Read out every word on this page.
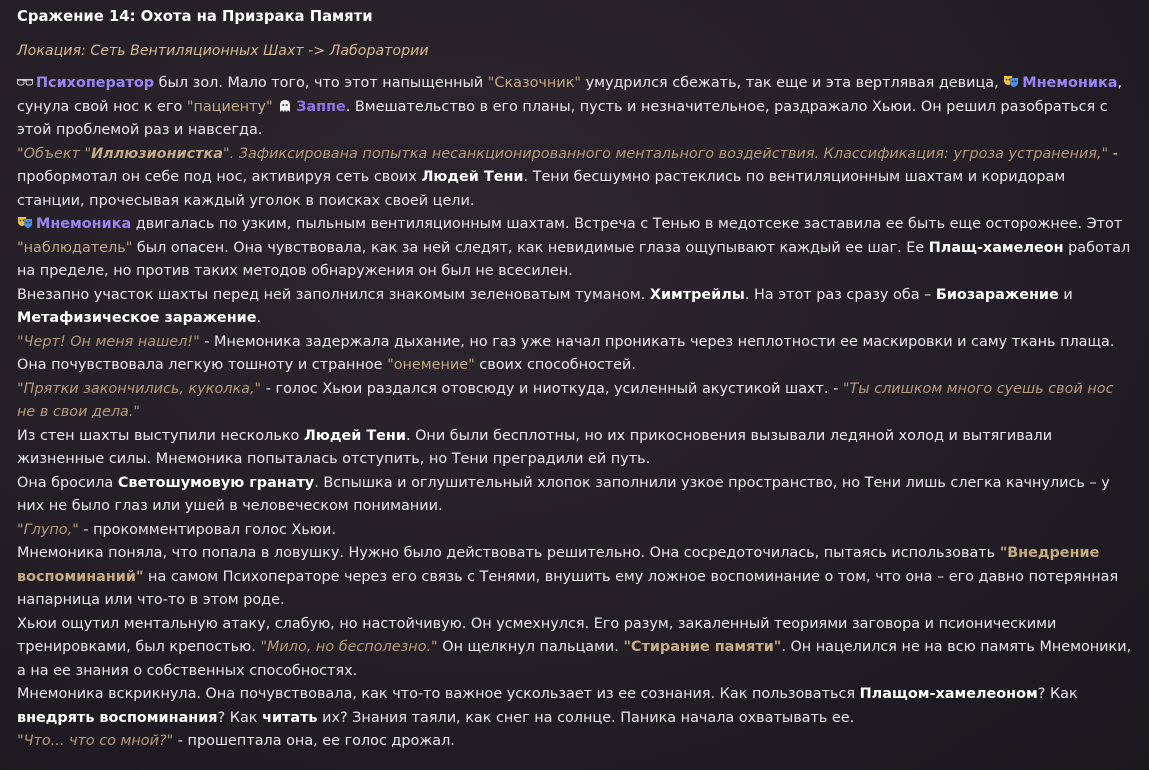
Сражение 14: Охота на Призрака Памяти

Локация: Сеть Вентиляционных Шахт -> Лаборатории

Психоператор был зол. Мало того, что этот напыщенный "Сказочник" умудрился сбежать, так еще и эта вертлявая девица,
Мнемоника, сунула свой нос к его "пациенту" Заппе. Вмешательство в его планы, пусть и незначительное, раздражало Хьюи. Он решил разобраться с этой проблемой раз и навсегда.

"Объект "Иллюзионистка". Зафиксирована попытка несанкционированного ментального воздействия. Классификация: угроза устранения," - пробормотал он себе под нос, активируя сеть своих Людей Тени. Тени бесшумно растеклись по вентиляционным шахтам и коридорам станции, прочесывая каждый уголок в поисках своей цели.

Мнемоника двигалась по узким, пыльным вентиляционным шахтам. Встреча с Тенью в медотсеке заставила ее быть еще осторожнее. Этот "наблюдатель" был опасен. Она чувствовала, как за ней следят, как невидимые глаза ощупывают каждый ее шаг. Ее Плащ-хамелеон работал на пределе, но против таких методов обнаружения он был не всесилен.

Внезапно участок шахты перед ней заполнился знакомым зеленоватым туманом. Химтрейлы. На этот раз сразу оба – Биозаражение и Метафизическое заражение.

"Черт! Он меня нашел!" - Мнемоника задержала дыхание, но газ уже начал проникать через неплотности ее маскировки и саму ткань плаща. Она почувствовала легкую тошноту и странное "онемение" своих способностей.

"Прятки закончились, куколка," - голос Хьюи раздался отовсюду и ниоткуда, усиленный акустикой шахт. - "Ты слишком много суешь свой нос не в свои дела."

Из стен шахты выступили несколько Людей Тени. Они были бесплотны, но их прикосновения вызывали ледяной холод и вытягивали жизненные силы. Мнемоника попыталась отступить, но Тени преградили ей путь.

Она бросила Светошумовую гранату. Вспышка и оглушительный хлопок заполнили узкое пространство, но Тени лишь слегка качнулись – у них не было глаз или ушей в человеческом понимании.

"Глупо," - прокомментировал голос Хьюи.

Мнемоника поняла, что попала в ловушку. Нужно было действовать решительно. Она сосредоточилась, пытаясь использовать "Внедрение воспоминаний" на самом Психоператоре через его связь с Тенями, внушить ему ложное воспоминание о том, что она – его давно потерянная напарница или что-то в этом роде.

Хьюи ощутил ментальную атаку, слабую, но настойчивую. Он усмехнулся. Его разум, закаленный теориями заговора и псионическими тренировками, был крепостью. "Мило, но бесполезно." Он щелкнул пальцами. "Стирание памяти". Он нацелился не на всю память Мнемоники, а на ее знания о собственных способностях.

Мнемоника вскрикнула. Она почувствовала, как что-то важное ускользает из ее сознания. Как пользоваться Плащом-хамелеоном? Как внедрять воспоминания? Как читать их? Знания таяли, как снег на солнце. Паника начала охватывать ее.

"Что... что со мной?" - прошептала она, ее голос дрожал.
